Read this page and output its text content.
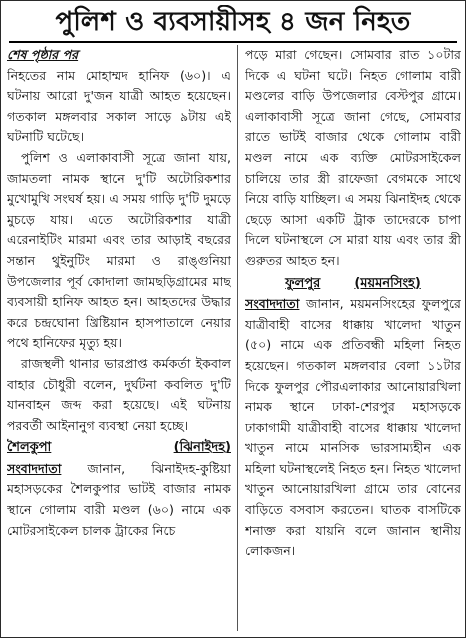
পুলিশ ও ব্যবসায়ীসহ ৪ জন নিহত
শেষ পৃষ্ঠার পর

নিহতের নাম মোহাম্মদ হানিফ (৬০)। এ ঘটনায় আরো দু'জন যাত্রী আহত হয়েছেন। গতকাল মঙ্গলবার সকাল সাড়ে ৯টায় এই ঘটনাটি ঘটেছে।

পুলিশ ও এলাকাবাসী সূত্রে জানা যায়, জামতলা নামক স্থানে দু'টি অটোরিকশার মুখোমুখি সংঘর্ষ হয়। এ সময় গাড়ি দু'টি দুমড়ে মুচড়ে যায়। এতে অটোরিকশার যাত্রী এরেনাইটিং মারমা এবং তার আড়াই বছরের সন্তান থুইনুটিং মারমা ও রাঙ্গুনিয়া উপজেলার পূর্ব কোদালা জামছড়িগ্রামের মাছ ব্যবসায়ী হানিফ আহত হন। আহতদের উদ্ধার করে চন্দ্রঘোনা খ্রিষ্টিয়ান হাসপাতালে নেয়ার পথে হানিফের মৃত্যু হয়।

রাজস্থলী থানার ভারপ্রাপ্ত কর্মকর্তা ইকবাল বাহার চৌধুরী বলেন, দুর্ঘটনা কবলিত দু'টি যানবাহন জব্দ করা হয়েছে। এই ঘটনায় পরবর্তী আইনানুগ ব্যবস্থা নেয়া হচ্ছে।

শৈলকুপা	(ঝিনাইদহ)

সংবাদদাতা জানান, ঝিনাইদহ-কুষ্টিয়া মহাসড়কের শৈলকুপার ভাটই বাজার নামক স্থানে গোলাম বারী মণ্ডল (৬০) নামে এক মোটরসাইকেল চালক ট্রাকের নিচে

পড়ে মারা গেছেন। সোমবার রাত ১০টার দিকে এ ঘটনা ঘটে। নিহত গোলাম বারী মণ্ডলের বাড়ি উপজেলার বেস্টপুর গ্রামে। এলাকাবাসী সূত্রে জানা গেছে, সোমবার রাতে ভাটই বাজার থেকে গোলাম বারী মণ্ডল নামে এক ব্যক্তি মোটরসাইকেল চালিয়ে তার স্ত্রী রাফেজা বেগমকে সাথে নিয়ে বাড়ি যাচ্ছিল। এ সময় ঝিনাইদহ থেকে ছেড়ে আসা একটি ট্রাক তাদেরকে চাপা দিলে ঘটনাস্থলে সে মারা যায় এবং তার স্ত্রী গুরুতর আহত হন।

ফুলপুর	(ময়মনসিংহ)

সংবাদদাতা জানান, ময়মনসিংহের ফুলপুরে যাত্রীবাহী বাসের ধাক্কায় খালেদা খাতুন (৫০) নামে এক প্রতিবন্ধী মহিলা নিহত হয়েছেন। গতকাল মঙ্গলবার বেলা ১১টার দিকে ফুলপুর পৌরএলাকার আনোয়ারখিলা নামক স্থানে ঢাকা-শেরপুর মহাসড়কে ঢাকাগামী যাত্রীবাহী বাসের ধাক্কায় খালেদা খাতুন নামে মানসিক ভারসাম্যহীন এক মহিলা ঘটনাস্থলেই নিহত হন। নিহত খালেদা খাতুন আনোয়ারখিলা গ্রামে তার বোনের বাড়িতে বসবাস করতেন। ঘাতক বাসটিকে শনাক্ত করা যায়নি বলে জানান স্থানীয় লোকজন।
